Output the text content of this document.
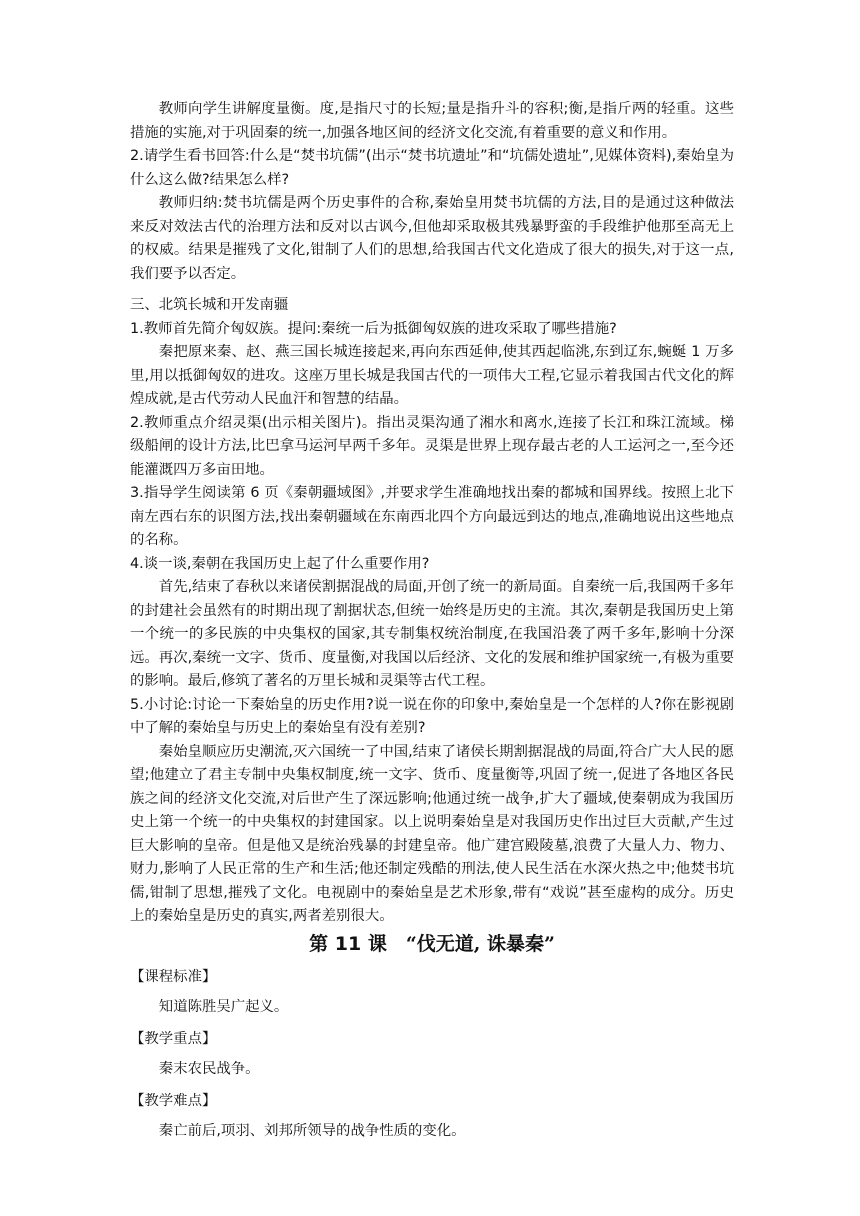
教师向学生讲解度量衡。度,是指尺寸的长短;量是指升斗的容积;衡,是指斤两的轻重。这些措施的实施,对于巩固秦的统一,加强各地区间的经济文化交流,有着重要的意义和作用。

2.请学生看书回答:什么是“焚书坑儒”(出示“焚书坑遗址”和“坑儒处遗址”,见媒体资料),秦始皇为什么这么做?结果怎么样?

教师归纳:焚书坑儒是两个历史事件的合称,秦始皇用焚书坑儒的方法,目的是通过这种做法来反对效法古代的治理方法和反对以古讽今,但他却采取极其残暴野蛮的手段维护他那至高无上的权威。结果是摧残了文化,钳制了人们的思想,给我国古代文化造成了很大的损失,对于这一点,我们要予以否定。

三、北筑长城和开发南疆

1.教师首先简介匈奴族。提问:秦统一后为抵御匈奴族的进攻采取了哪些措施?

秦把原来秦、赵、燕三国长城连接起来,再向东西延伸,使其西起临洮,东到辽东,蜿蜒 1 万多里,用以抵御匈奴的进攻。这座万里长城是我国古代的一项伟大工程,它显示着我国古代文化的辉煌成就,是古代劳动人民血汗和智慧的结晶。

2.教师重点介绍灵渠(出示相关图片)。指出灵渠沟通了湘水和离水,连接了长江和珠江流域。梯级船闸的设计方法,比巴拿马运河早两千多年。灵渠是世界上现存最古老的人工运河之一,至今还能灌溉四万多亩田地。

3.指导学生阅读第 6 页《秦朝疆域图》,并要求学生准确地找出秦的都城和国界线。按照上北下南左西右东的识图方法,找出秦朝疆域在东南西北四个方向最远到达的地点,准确地说出这些地点的名称。

4.谈一谈,秦朝在我国历史上起了什么重要作用?

首先,结束了春秋以来诸侯割据混战的局面,开创了统一的新局面。自秦统一后,我国两千多年的封建社会虽然有的时期出现了割据状态,但统一始终是历史的主流。其次,秦朝是我国历史上第一个统一的多民族的中央集权的国家,其专制集权统治制度,在我国沿袭了两千多年,影响十分深远。再次,秦统一文字、货币、度量衡,对我国以后经济、文化的发展和维护国家统一,有极为重要的影响。最后,修筑了著名的万里长城和灵渠等古代工程。

5.小讨论:讨论一下秦始皇的历史作用?说一说在你的印象中,秦始皇是一个怎样的人?你在影视剧中了解的秦始皇与历史上的秦始皇有没有差别?

秦始皇顺应历史潮流,灭六国统一了中国,结束了诸侯长期割据混战的局面,符合广大人民的愿望;他建立了君主专制中央集权制度,统一文字、货币、度量衡等,巩固了统一,促进了各地区各民族之间的经济文化交流,对后世产生了深远影响;他通过统一战争,扩大了疆域,使秦朝成为我国历史上第一个统一的中央集权的封建国家。以上说明秦始皇是对我国历史作出过巨大贡献,产生过巨大影响的皇帝。但是他又是统治残暴的封建皇帝。他广建宫殿陵墓,浪费了大量人力、物力、财力,影响了人民正常的生产和生活;他还制定残酷的刑法,使人民生活在水深火热之中;他焚书坑儒,钳制了思想,摧残了文化。电视剧中的秦始皇是艺术形象,带有“戏说”甚至虚构的成分。历史上的秦始皇是历史的真实,两者差别很大。

第 11 课　“伐无道, 诛暴秦”
【课程标准】
知道陈胜吴广起义。
【教学重点】
秦末农民战争。
【教学难点】
秦亡前后,项羽、刘邦所领导的战争性质的变化。
